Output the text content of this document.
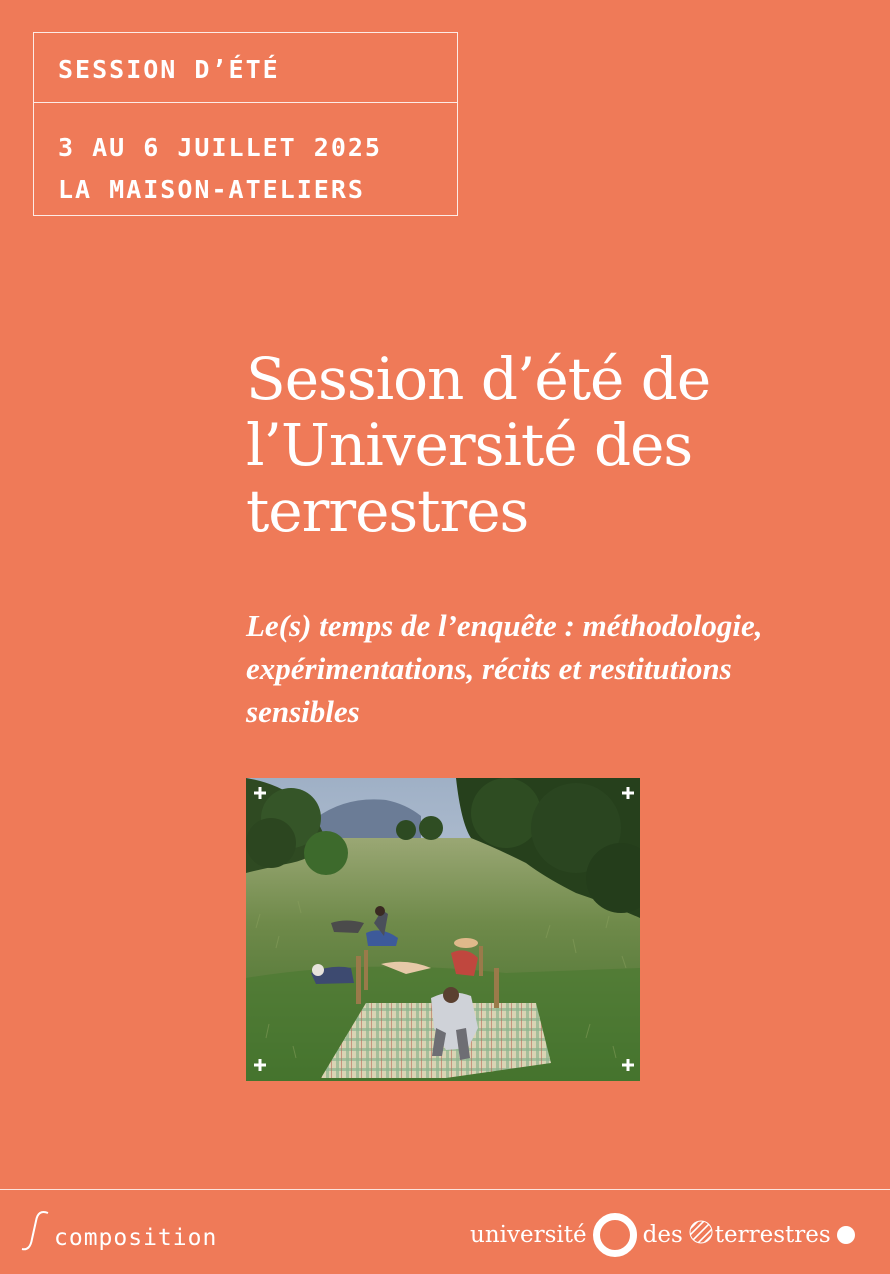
SESSION D’ÉTÉ
3 AU 6 JUILLET 2025
LA MAISON-ATELIERS
Session d’été de
l’Université des
terrestres
Le(s) temps de l’enquête : méthodologie,
expérimentations, récits et restitutions
sensibles
composition	université des terrestres
